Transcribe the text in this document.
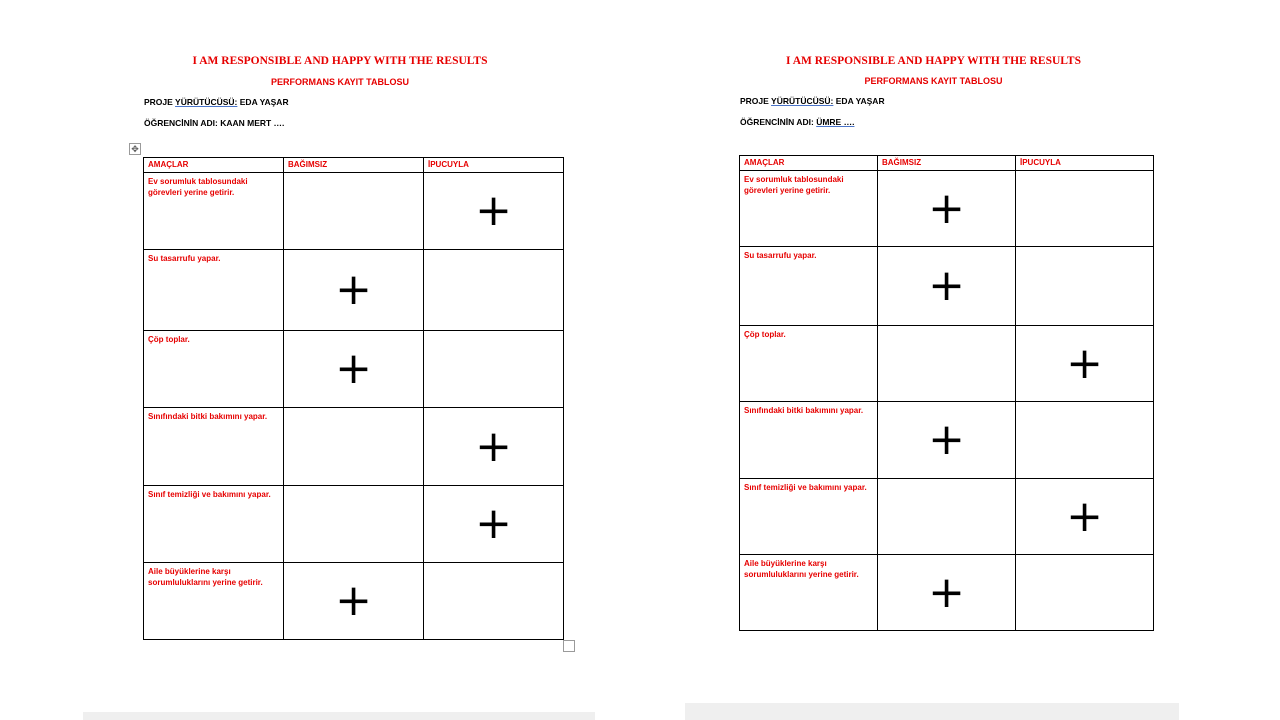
I AM RESPONSIBLE AND HAPPY WITH THE RESULTS

PERFORMANS KAYIT TABLOSU

PROJE YÜRÜTÜCÜSÜ: EDA YAŞAR

ÖĞRENCİNİN ADI: KAAN MERT ….

✥
AMAÇLAR	BAĞIMSIZ	İPUCUYLA

Ev sorumluk tablosundaki görevleri yerine getirir.		+

Su tasarrufu yapar.	+	

Çöp toplar.	+	

Sınıfındaki bitki bakımını yapar.		+

Sınıf temizliği ve bakımını yapar.		+

Aile büyüklerine karşı sorumluluklarını yerine getirir.	+	

I AM RESPONSIBLE AND HAPPY WITH THE RESULTS

PERFORMANS KAYIT TABLOSU

PROJE YÜRÜTÜCÜSÜ: EDA YAŞAR

ÖĞRENCİNİN ADI: ÜMRE ….

AMAÇLAR	BAĞIMSIZ	İPUCUYLA

Ev sorumluk tablosundaki görevleri yerine getirir.	+	

Su tasarrufu yapar.	+	

Çöp toplar.		+

Sınıfındaki bitki bakımını yapar.	+	

Sınıf temizliği ve bakımını yapar.		+

Aile büyüklerine karşı sorumluluklarını yerine getirir.	+	
